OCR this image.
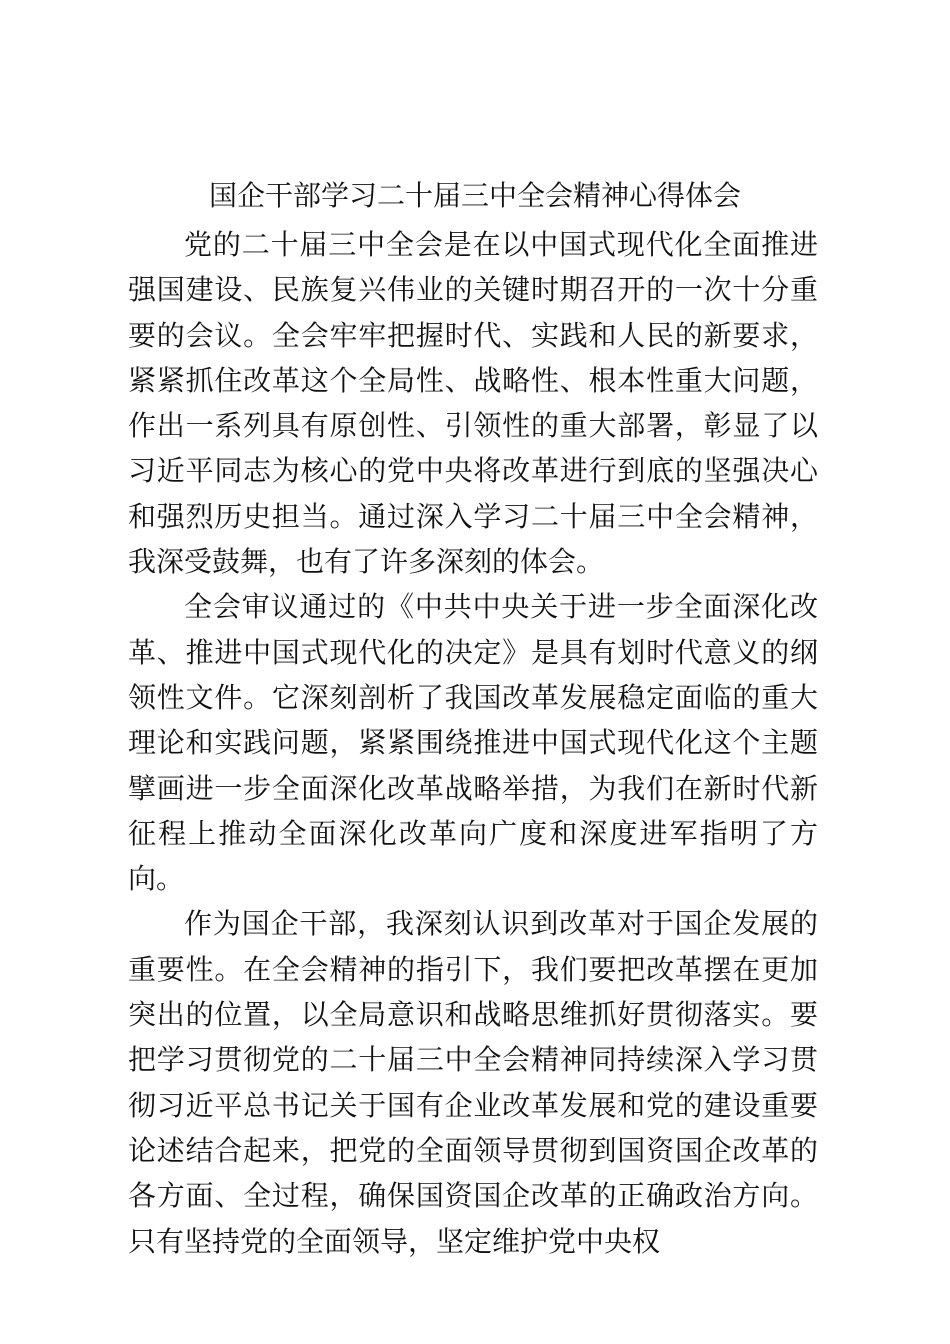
国企干部学习二十届三中全会精神心得体会

党的二十届三中全会是在以中国式现代化全面推进强国建设、民族复兴伟业的关键时期召开的一次十分重要的会议。全会牢牢把握时代、实践和人民的新要求，紧紧抓住改革这个全局性、战略性、根本性重大问题，作出一系列具有原创性、引领性的重大部署，彰显了以习近平同志为核心的党中央将改革进行到底的坚强决心和强烈历史担当。通过深入学习二十届三中全会精神，我深受鼓舞，也有了许多深刻的体会。

全会审议通过的《中共中央关于进一步全面深化改革、推进中国式现代化的决定》是具有划时代意义的纲领性文件。它深刻剖析了我国改革发展稳定面临的重大理论和实践问题，紧紧围绕推进中国式现代化这个主题擘画进一步全面深化改革战略举措，为我们在新时代新征程上推动全面深化改革向广度和深度进军指明了方向。

作为国企干部，我深刻认识到改革对于国企发展的重要性。在全会精神的指引下，我们要把改革摆在更加突出的位置，以全局意识和战略思维抓好贯彻落实。要把学习贯彻党的二十届三中全会精神同持续深入学习贯彻习近平总书记关于国有企业改革发展和党的建设重要论述结合起来，把党的全面领导贯彻到国资国企改革的各方面、全过程，确保国资国企改革的正确政治方向。只有坚持党的全面领导，坚定维护党中央权
